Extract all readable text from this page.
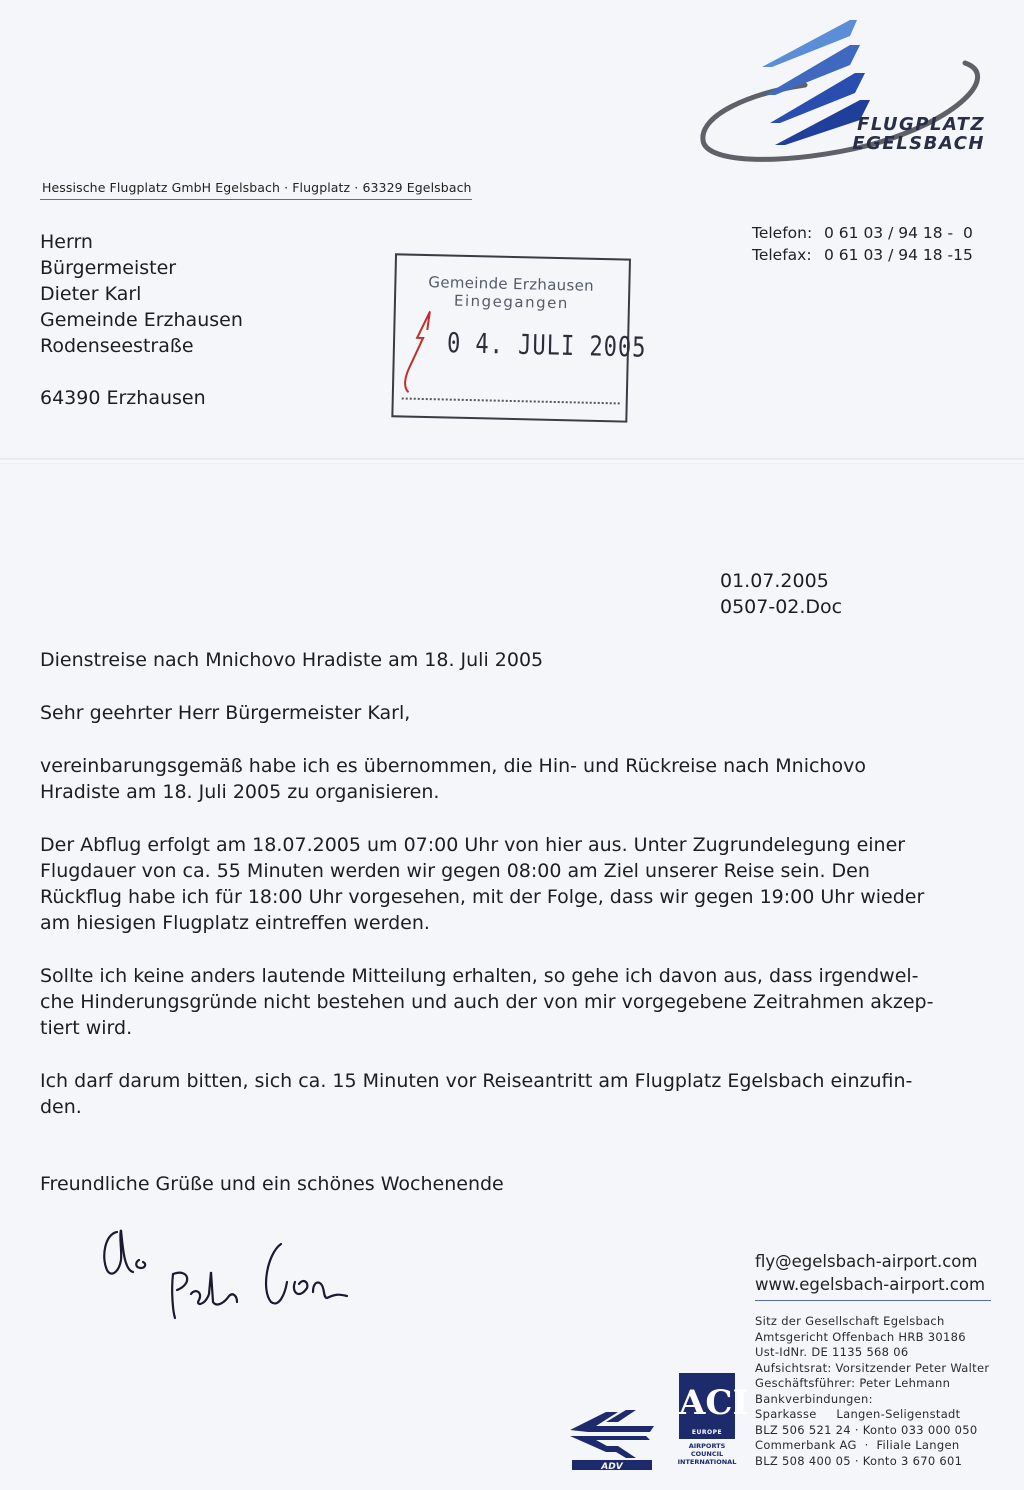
FLUGPLATZ
EGELSBACH
Hessische Flugplatz GmbH Egelsbach · Flugplatz · 63329 Egelsbach
Herrn
Bürgermeister
Dieter Karl
Gemeinde Erzhausen
Rodenseestraße
64390 Erzhausen
Telefon: 0 61 03 / 94 18 -  0
Telefax: 0 61 03 / 94 18 -15
Gemeinde Erzhausen
Eingegangen
0 4. JULI 2005
01.07.2005
0507-02.Doc
Dienstreise nach Mnichovo Hradiste am 18. Juli 2005
Sehr geehrter Herr Bürgermeister Karl,
vereinbarungsgemäß habe ich es übernommen, die Hin- und Rückreise nach Mnichovo
Hradiste am 18. Juli 2005 zu organisieren.
Der Abflug erfolgt am 18.07.2005 um 07:00 Uhr von hier aus. Unter Zugrundelegung einer
Flugdauer von ca. 55 Minuten werden wir gegen 08:00 am Ziel unserer Reise sein. Den
Rückflug habe ich für 18:00 Uhr vorgesehen, mit der Folge, dass wir gegen 19:00 Uhr wieder
am hiesigen Flugplatz eintreffen werden.
Sollte ich keine anders lautende Mitteilung erhalten, so gehe ich davon aus, dass irgendwel-
che Hinderungsgründe nicht bestehen und auch der von mir vorgegebene Zeitrahmen akzep-
tiert wird.
Ich darf darum bitten, sich ca. 15 Minuten vor Reiseantritt am Flugplatz Egelsbach einzufin-
den.
Freundliche Grüße und ein schönes Wochenende
fly@egelsbach-airport.com
www.egelsbach-airport.com
Sitz der Gesellschaft Egelsbach
Amtsgericht Offenbach HRB 30186
Ust-IdNr. DE 1135 568 06
Aufsichtsrat: Vorsitzender Peter Walter
Geschäftsführer: Peter Lehmann
Bankverbindungen:
Sparkasse     Langen-Seligenstadt
BLZ 506 521 24 · Konto 033 000 050
Commerbank AG  ·  Filiale Langen
BLZ 508 400 05 · Konto 3 670 601
ADV
ACI
EUROPE
AIRPORTS COUNCIL
INTERNATIONAL
